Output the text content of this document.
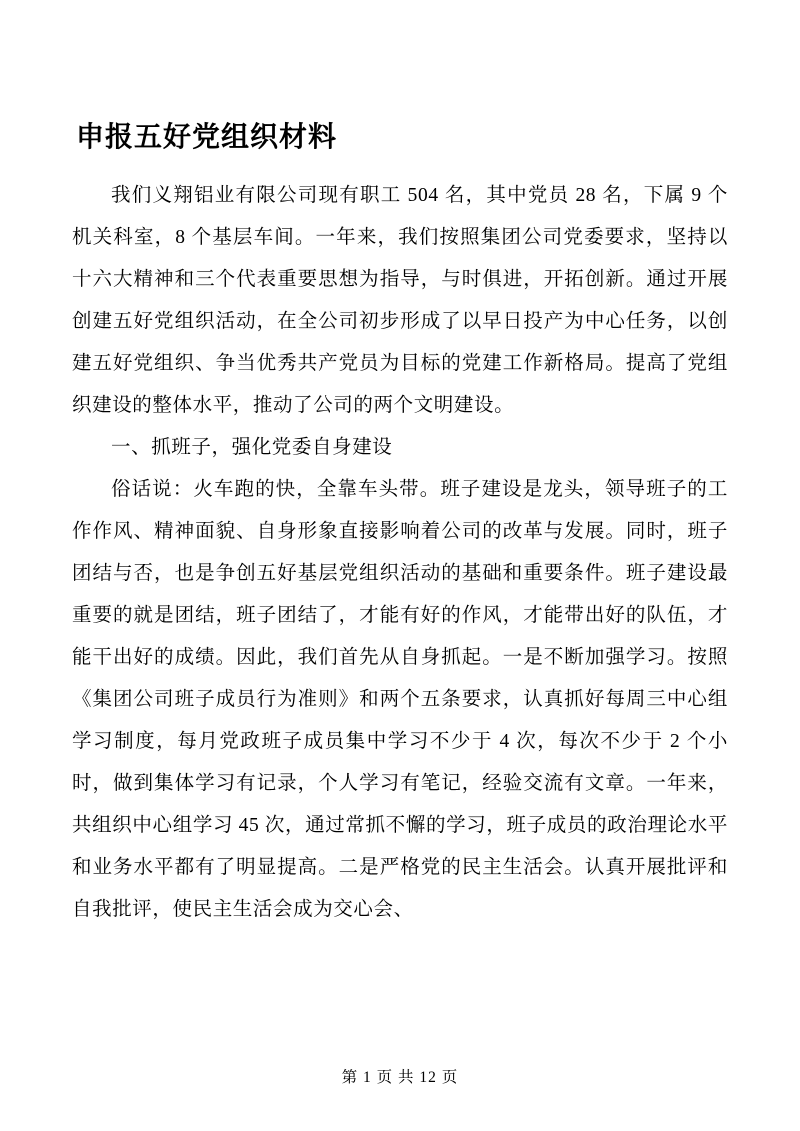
申报五好党组织材料

我们义翔铝业有限公司现有职工 504 名，其中党员 28 名，下属 9 个机关科室，8 个基层车间。一年来，我们按照集团公司党委要求，坚持以十六大精神和三个代表重要思想为指导，与时俱进，开拓创新。通过开展创建五好党组织活动，在全公司初步形成了以早日投产为中心任务，以创建五好党组织、争当优秀共产党员为目标的党建工作新格局。提高了党组织建设的整体水平，推动了公司的两个文明建设。

一、抓班子，强化党委自身建设

俗话说：火车跑的快，全靠车头带。班子建设是龙头，领导班子的工作作风、精神面貌、自身形象直接影响着公司的改革与发展。同时，班子团结与否，也是争创五好基层党组织活动的基础和重要条件。班子建设最重要的就是团结，班子团结了，才能有好的作风，才能带出好的队伍，才能干出好的成绩。因此，我们首先从自身抓起。一是不断加强学习。按照《集团公司班子成员行为准则》和两个五条要求，认真抓好每周三中心组学习制度，每月党政班子成员集中学习不少于 4 次，每次不少于 2 个小时，做到集体学习有记录，个人学习有笔记，经验交流有文章。一年来，共组织中心组学习 45 次，通过常抓不懈的学习，班子成员的政治理论水平和业务水平都有了明显提高。二是严格党的民主生活会。认真开展批评和自我批评，使民主生活会成为交心会、

第 1 页 共 12 页
